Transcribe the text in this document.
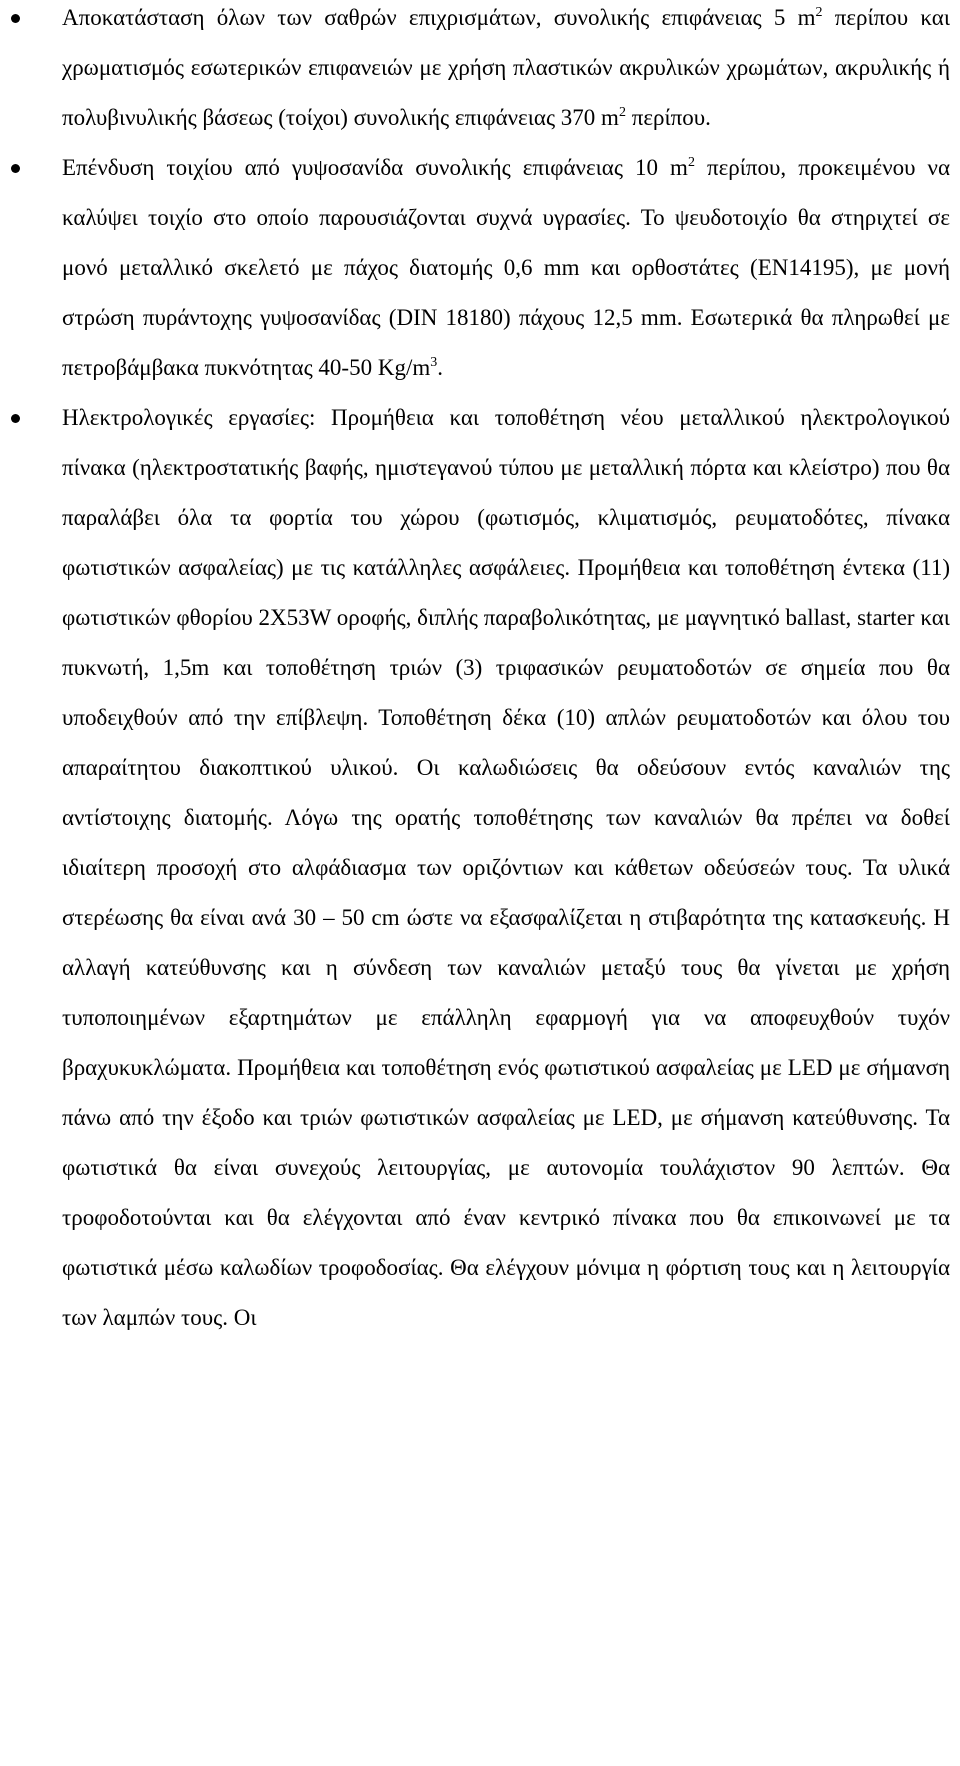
Αποκατάσταση όλων των σαθρών επιχρισμάτων, συνολικής επιφάνειας 5 $m^2$ περίπου και χρωματισμός εσωτερικών επιφανειών με χρήση πλαστικών ακρυλικών χρωμάτων, ακρυλικής ή πολυβινυλικής βάσεως (τοίχοι) συνολικής επιφάνειας 370 $m^2$ περίπου.
Επένδυση τοιχίου από γυψοσανίδα συνολικής επιφάνειας 10 $m^2$ περίπου, προκειμένου να καλύψει τοιχίο στο οποίο παρουσιάζονται συχνά υγρασίες. Το ψευδοτοιχίο θα στηριχτεί σε μονό μεταλλικό σκελετό με πάχος διατομής 0,6 mm και ορθοστάτες (EN14195), με μονή στρώση πυράντοχης γυψοσανίδας (DIN 18180) πάχους 12,5 mm. Εσωτερικά θα πληρωθεί με πετροβάμβακα πυκνότητας 40-50 $Kg/m^3$.
Ηλεκτρολογικές εργασίες: Προμήθεια και τοποθέτηση νέου μεταλλικού ηλεκτρολογικού πίνακα (ηλεκτροστατικής βαφής, ημιστεγανού τύπου με μεταλλική πόρτα και κλείστρο) που θα παραλάβει όλα τα φορτία του χώρου (φωτισμός, κλιματισμός, ρευματοδότες, πίνακα φωτιστικών ασφαλείας) με τις κατάλληλες ασφάλειες. Προμήθεια και τοποθέτηση έντεκα (11) φωτιστικών φθορίου 2Χ53W οροφής, διπλής παραβολικότητας, με μαγνητικό ballast, starter και πυκνωτή, 1,5m και τοποθέτηση τριών (3) τριφασικών ρευματοδοτών σε σημεία που θα υποδειχθούν από την επίβλεψη. Τοποθέτηση δέκα (10) απλών ρευματοδοτών και όλου του απαραίτητου διακοπτικού υλικού. Οι καλωδιώσεις θα οδεύσουν εντός καναλιών της αντίστοιχης διατομής. Λόγω της ορατής τοποθέτησης των καναλιών θα πρέπει να δοθεί ιδιαίτερη προσοχή στο αλφάδιασμα των οριζόντιων και κάθετων οδεύσεών τους. Τα υλικά στερέωσης θα είναι ανά 30 – 50 cm ώστε να εξασφαλίζεται η στιβαρότητα της κατασκευής. Η αλλαγή κατεύθυνσης και η σύνδεση των καναλιών μεταξύ τους θα γίνεται με χρήση τυποποιημένων εξαρτημάτων με επάλληλη εφαρμογή για να αποφευχθούν τυχόν βραχυκυκλώματα. Προμήθεια και τοποθέτηση ενός φωτιστικού ασφαλείας με LED με σήμανση πάνω από την έξοδο και τριών φωτιστικών ασφαλείας με LED, με σήμανση κατεύθυνσης. Τα φωτιστικά θα είναι συνεχούς λειτουργίας, με αυτονομία τουλάχιστον 90 λεπτών. Θα τροφοδοτούνται και θα ελέγχονται από έναν κεντρικό πίνακα που θα επικοινωνεί με τα φωτιστικά μέσω καλωδίων τροφοδοσίας. Θα ελέγχουν μόνιμα η φόρτιση τους και η λειτουργία των λαμπών τους. Οι
